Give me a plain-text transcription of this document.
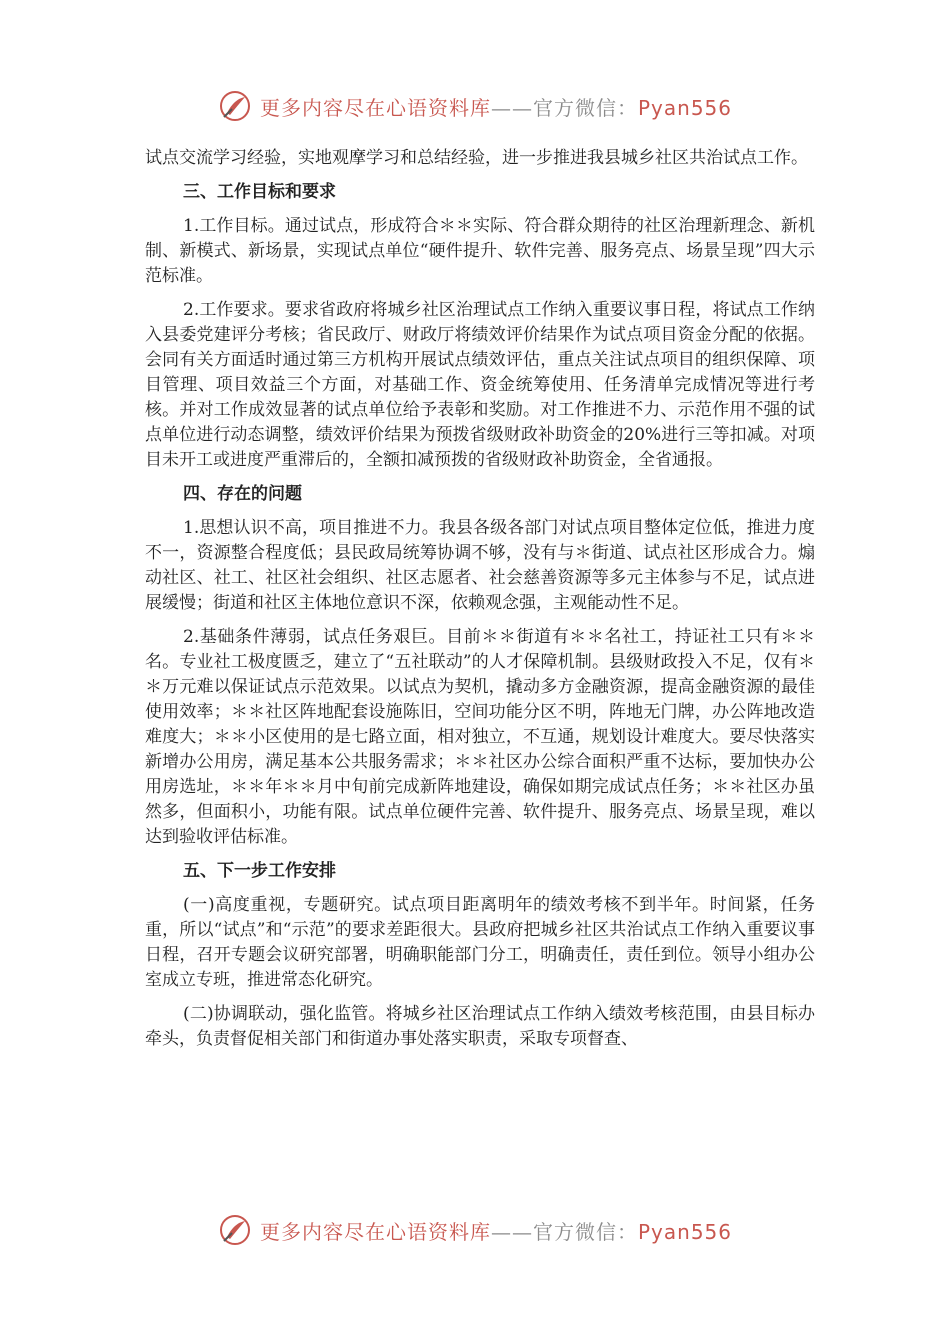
更多内容尽在心语资料库——官方微信：Pyan556

试点交流学习经验，实地观摩学习和总结经验，进一步推进我县城乡社区共治试点工作。

三、工作目标和要求

1.工作目标。通过试点，形成符合＊＊实际、符合群众期待的社区治理新理念、新机制、新模式、新场景，实现试点单位“硬件提升、软件完善、服务亮点、场景呈现”四大示范标准。

2.工作要求。要求省政府将城乡社区治理试点工作纳入重要议事日程，将试点工作纳入县委党建评分考核；省民政厅、财政厅将绩效评价结果作为试点项目资金分配的依据。会同有关方面适时通过第三方机构开展试点绩效评估，重点关注试点项目的组织保障、项目管理、项目效益三个方面，对基础工作、资金统筹使用、任务清单完成情况等进行考核。并对工作成效显著的试点单位给予表彰和奖励。对工作推进不力、示范作用不强的试点单位进行动态调整，绩效评价结果为预拨省级财政补助资金的20%进行三等扣减。对项目未开工或进度严重滞后的，全额扣减预拨的省级财政补助资金，全省通报。

四、存在的问题

1.思想认识不高，项目推进不力。我县各级各部门对试点项目整体定位低，推进力度不一，资源整合程度低；县民政局统筹协调不够，没有与＊街道、试点社区形成合力。煽动社区、社工、社区社会组织、社区志愿者、社会慈善资源等多元主体参与不足，试点进展缓慢；街道和社区主体地位意识不深，依赖观念强，主观能动性不足。

2.基础条件薄弱，试点任务艰巨。目前＊＊街道有＊＊名社工，持证社工只有＊＊名。专业社工极度匮乏，建立了“五社联动”的人才保障机制。县级财政投入不足，仅有＊＊万元难以保证试点示范效果。以试点为契机，撬动多方金融资源，提高金融资源的最佳使用效率；＊＊社区阵地配套设施陈旧，空间功能分区不明，阵地无门牌，办公阵地改造难度大；＊＊小区使用的是七路立面，相对独立，不互通，规划设计难度大。要尽快落实新增办公用房，满足基本公共服务需求；＊＊社区办公综合面积严重不达标，要加快办公用房选址，＊＊年＊＊月中旬前完成新阵地建设，确保如期完成试点任务；＊＊社区办虽然多，但面积小，功能有限。试点单位硬件完善、软件提升、服务亮点、场景呈现，难以达到验收评估标准。

五、下一步工作安排

(一)高度重视，专题研究。试点项目距离明年的绩效考核不到半年。时间紧，任务重，所以“试点”和“示范”的要求差距很大。县政府把城乡社区共治试点工作纳入重要议事日程，召开专题会议研究部署，明确职能部门分工，明确责任，责任到位。领导小组办公室成立专班，推进常态化研究。

(二)协调联动，强化监管。将城乡社区治理试点工作纳入绩效考核范围，由县目标办牵头，负责督促相关部门和街道办事处落实职责，采取专项督查、

更多内容尽在心语资料库——官方微信：Pyan556
